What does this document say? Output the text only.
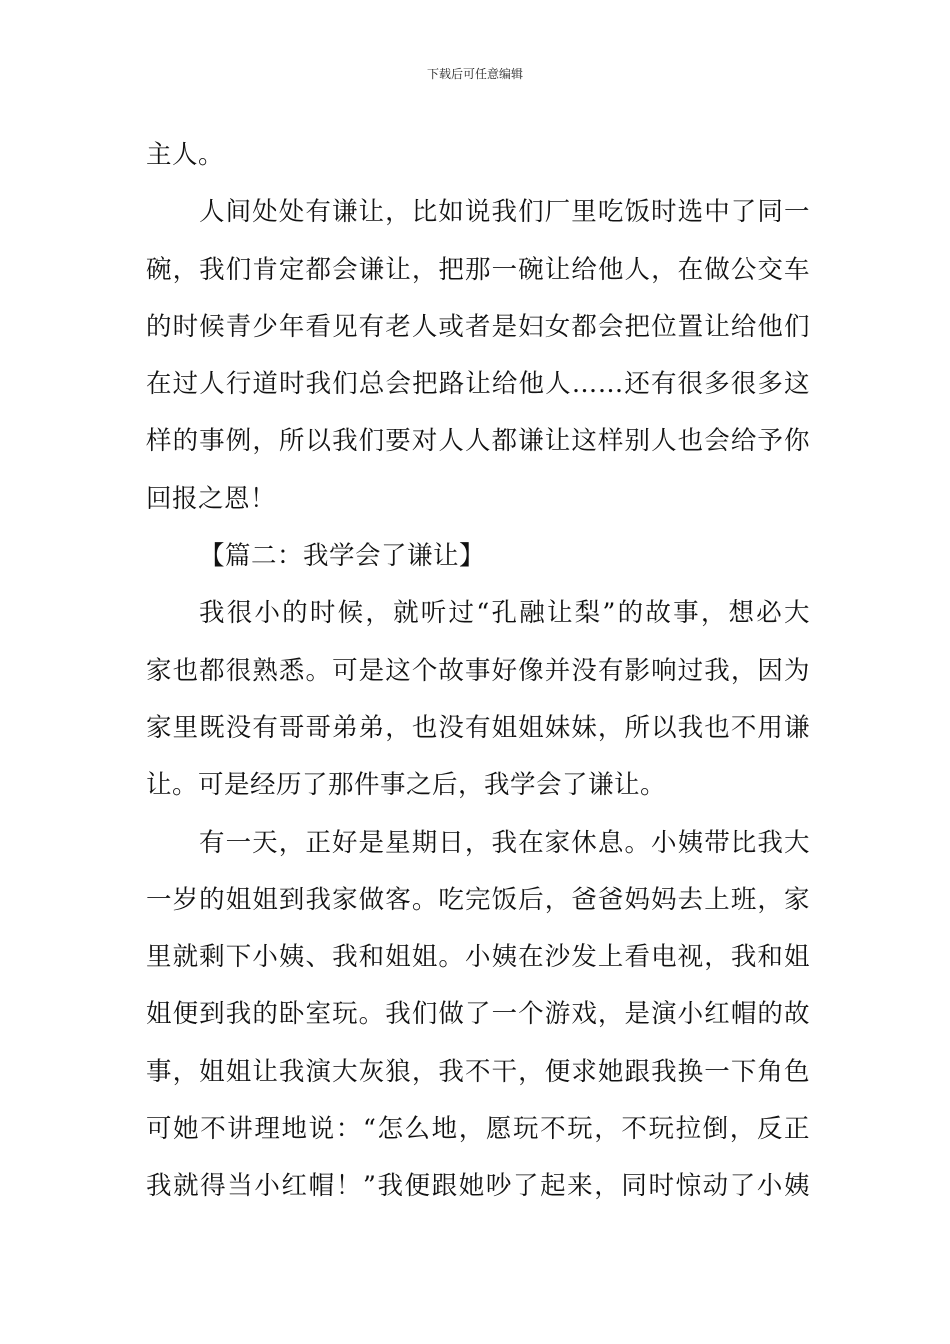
下载后可任意编辑
主人。
人间处处有谦让，比如说我们厂里吃饭时选中了同一
碗，我们肯定都会谦让，把那一碗让给他人，在做公交车
的时候青少年看见有老人或者是妇女都会把位置让给他们
在过人行道时我们总会把路让给他人……还有很多很多这
样的事例，所以我们要对人人都谦让这样别人也会给予你
回报之恩！
【篇二：我学会了谦让】
我很小的时候，就听过“孔融让梨”的故事，想必大
家也都很熟悉。可是这个故事好像并没有影响过我，因为
家里既没有哥哥弟弟，也没有姐姐妹妹，所以我也不用谦
让。可是经历了那件事之后，我学会了谦让。
有一天，正好是星期日，我在家休息。小姨带比我大
一岁的姐姐到我家做客。吃完饭后，爸爸妈妈去上班，家
里就剩下小姨、我和姐姐。小姨在沙发上看电视，我和姐
姐便到我的卧室玩。我们做了一个游戏，是演小红帽的故
事，姐姐让我演大灰狼，我不干，便求她跟我换一下角色
可她不讲理地说：“怎么地，愿玩不玩，不玩拉倒，反正
我就得当小红帽！”我便跟她吵了起来，同时惊动了小姨
